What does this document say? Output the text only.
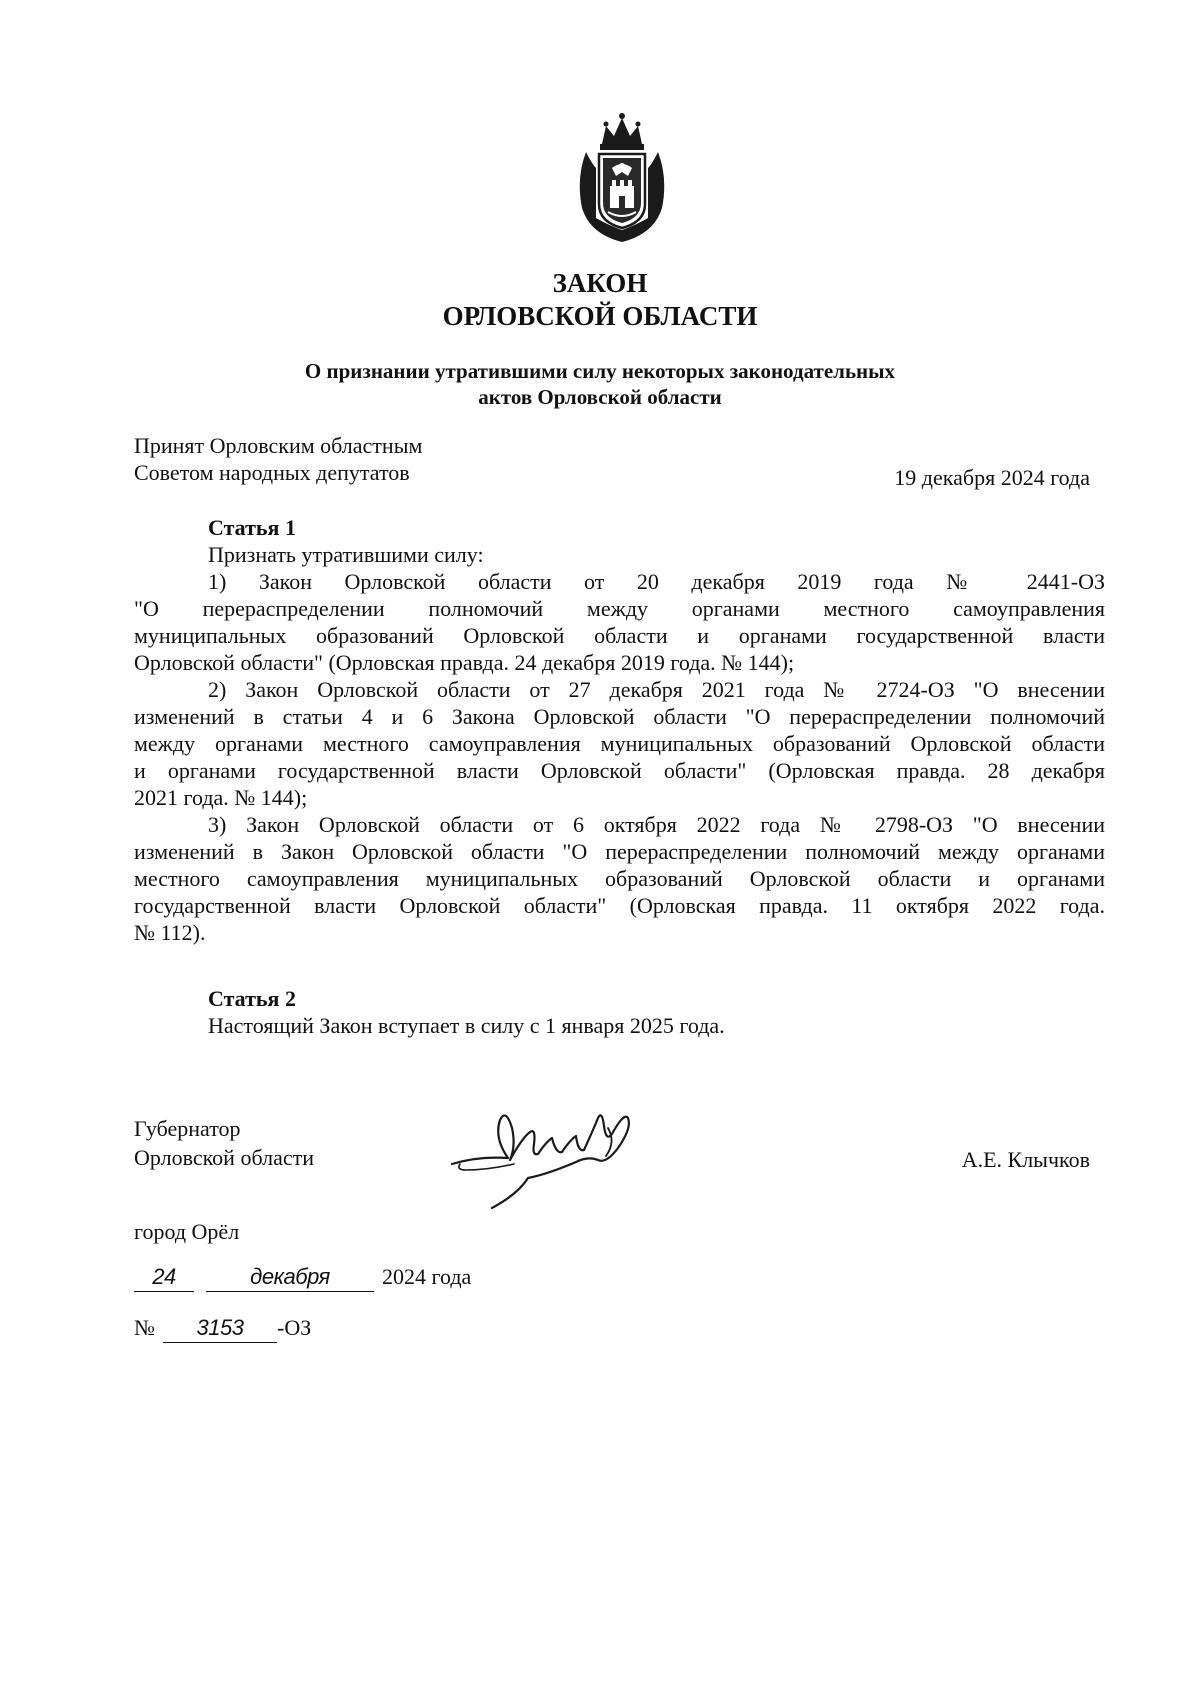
ЗАКОН
ОРЛОВСКОЙ ОБЛАСТИ
О признании утратившими силу некоторых законодательных
актов Орловской области
Принят Орловским областным
Советом народных депутатов	19 декабря 2024 года
Статья 1
Признать утратившими силу:
1) Закон Орловской области от 20 декабря 2019 года № 2441-ОЗ
"О перераспределении полномочий между органами местного самоуправления
муниципальных образований Орловской области и органами государственной власти
Орловской области" (Орловская правда. 24 декабря 2019 года. № 144);
2) Закон Орловской области от 27 декабря 2021 года № 2724-ОЗ "О внесении
изменений в статьи 4 и 6 Закона Орловской области "О перераспределении полномочий
между органами местного самоуправления муниципальных образований Орловской области
и органами государственной власти Орловской области" (Орловская правда. 28 декабря
2021 года. № 144);
3) Закон Орловской области от 6 октября 2022 года № 2798-ОЗ "О внесении
изменений в Закон Орловской области "О перераспределении полномочий между органами
местного самоуправления муниципальных образований Орловской области и органами
государственной власти Орловской области" (Орловская правда. 11 октября 2022 года.
№ 112).
Статья 2
Настоящий Закон вступает в силу с 1 января 2025 года.
Губернатор
Орловской области	А.Е. Клычков
город Орёл
24	декабря 2024 года
№ 3153 -ОЗ
